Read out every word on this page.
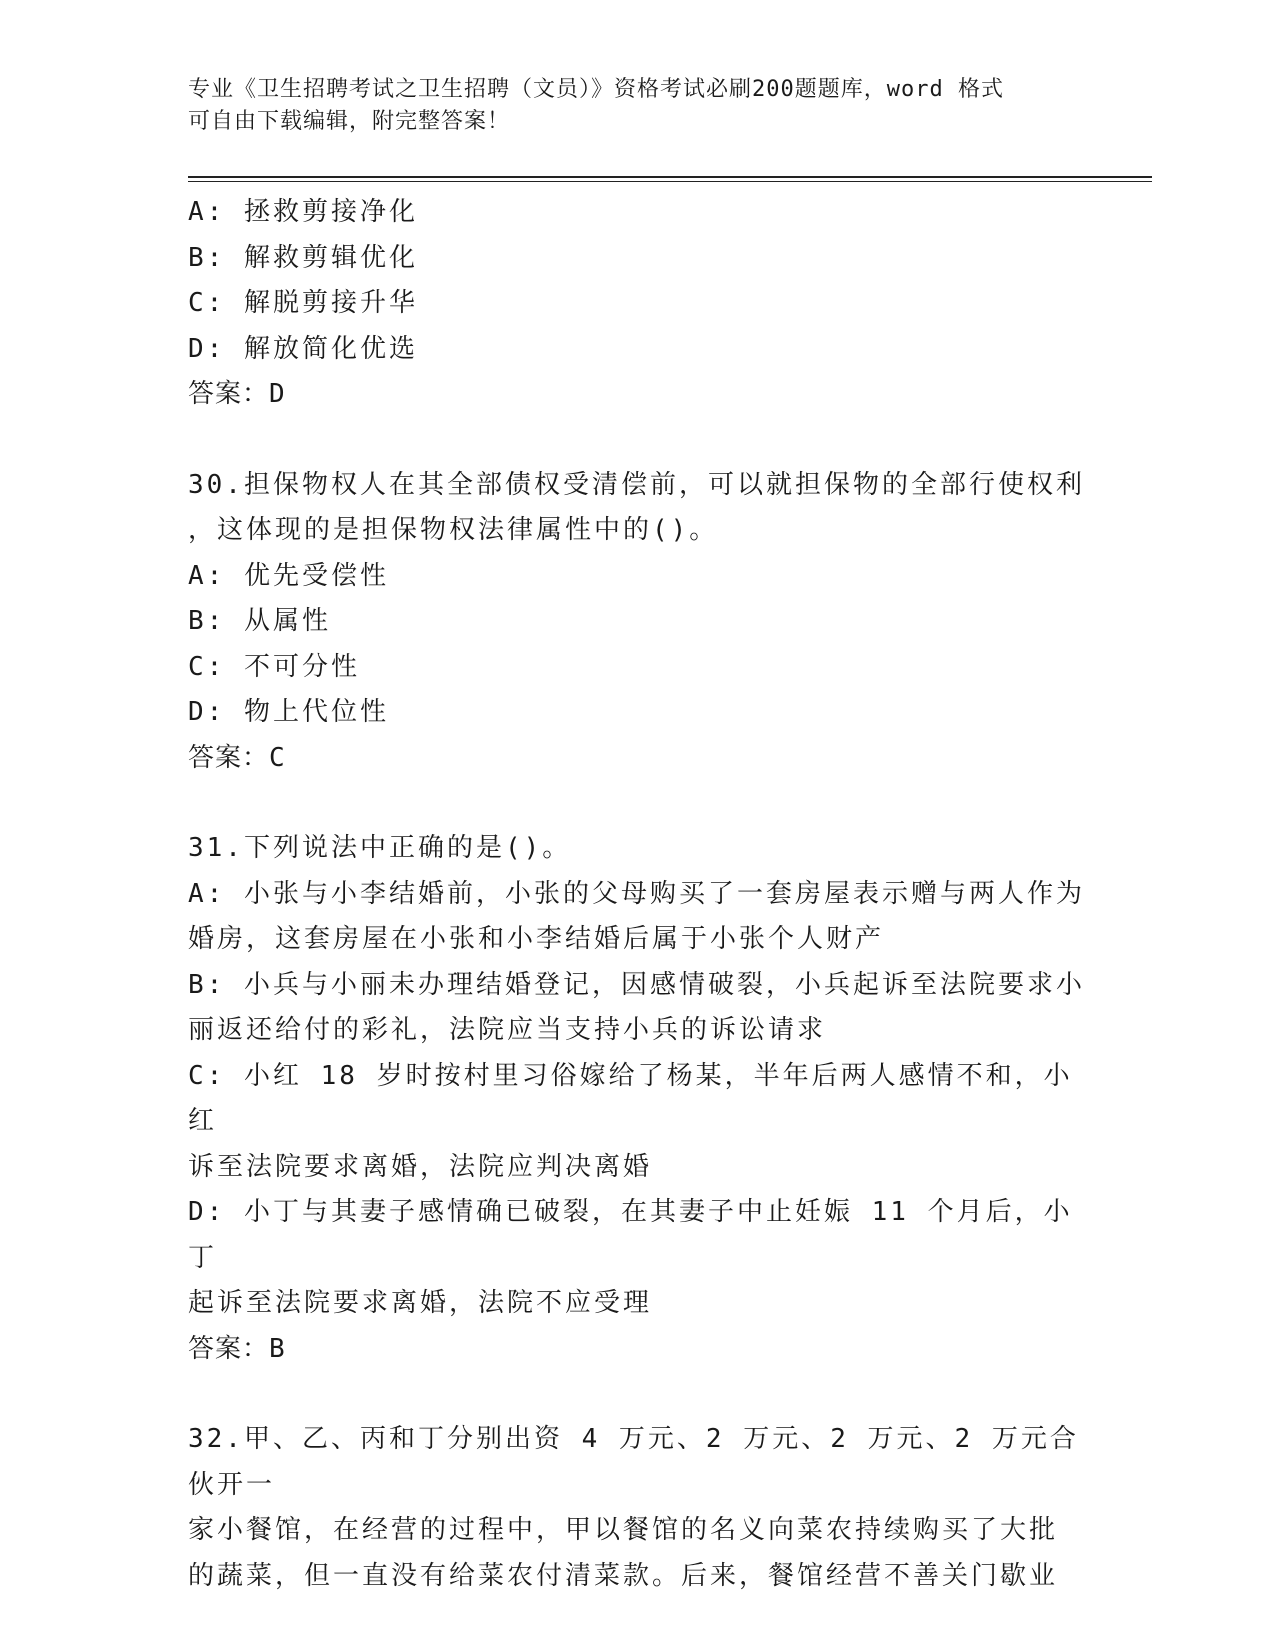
专业《卫生招聘考试之卫生招聘（文员）》资格考试必刷200题题库，word 格式
可自由下载编辑，附完整答案！
A: 拯救剪接净化
B: 解救剪辑优化
C: 解脱剪接升华
D: 解放简化优选
答案：D
30.担保物权人在其全部债权受清偿前，可以就担保物的全部行使权利
，这体现的是担保物权法律属性中的()。
A: 优先受偿性
B: 从属性
C: 不可分性
D: 物上代位性
答案：C
31.下列说法中正确的是()。
A: 小张与小李结婚前，小张的父母购买了一套房屋表示赠与两人作为
婚房，这套房屋在小张和小李结婚后属于小张个人财产
B: 小兵与小丽未办理结婚登记，因感情破裂，小兵起诉至法院要求小
丽返还给付的彩礼，法院应当支持小兵的诉讼请求
C: 小红 18 岁时按村里习俗嫁给了杨某，半年后两人感情不和，小红
诉至法院要求离婚，法院应判决离婚
D: 小丁与其妻子感情确已破裂，在其妻子中止妊娠 11 个月后，小丁
起诉至法院要求离婚，法院不应受理
答案：B
32.甲、乙、丙和丁分别出资 4 万元、2 万元、2 万元、2 万元合伙开一
家小餐馆，在经营的过程中，甲以餐馆的名义向菜农持续购买了大批
的蔬菜，但一直没有给菜农付清菜款。后来，餐馆经营不善关门歇业
